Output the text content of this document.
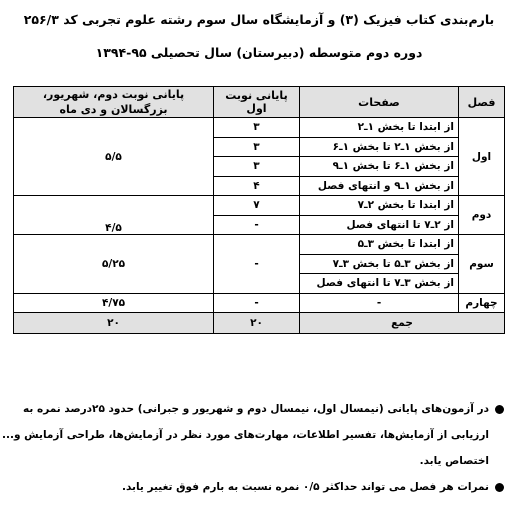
بارم‌بندی کتاب فیزیک (۳) و آزمایشگاه سال سوم رشته علوم تجربی کد ۲۵۶/۳
دوره دوم متوسطه (دبیرستان) سال تحصیلی ۹۵-۱۳۹۴
فصل	صفحات	پایانی نوبت اول	پایانی نوبت دوم، شهریور،
بزرگسالان و دی ماه

اول	از ابتدا تا بخش ۱ـ۲	۳	۵/۵
	از بخش ۱ـ۲ تا بخش ۱ـ۶	۳	
	از بخش ۱ـ۶ تا بخش ۱ـ۹	۳	
	از بخش ۱ـ۹ و انتهای فصل	۴	
دوم	از ابتدا تا بخش ۲ـ۷	۷	۴/۵
	از ۲ـ۷ تا انتهای فصل	-	
سوم	از ابتدا تا بخش ۳ـ۵	-	۵/۲۵
	از بخش ۳ـ۵ تا بخش ۳ـ۷		
	از بخش ۳ـ۷ تا انتهای فصل		
چهارم	-	-	۴/۷۵
جمع		۲۰	۲۰
در آزمون‌های پایانی (نیمسال اول، نیمسال دوم و شهریور و جبرانی) حدود ۲۵درصد نمره به
ارزیابی از آزمایش‌ها، تفسیر اطلاعات، مهارت‌های مورد نظر در آزمایش‌ها، طراحی آزمایش و...
اختصاص یابد.
نمرات هر فصل می تواند حداکثر ۰/۵ نمره نسبت به بارم فوق تغییر یابد.
